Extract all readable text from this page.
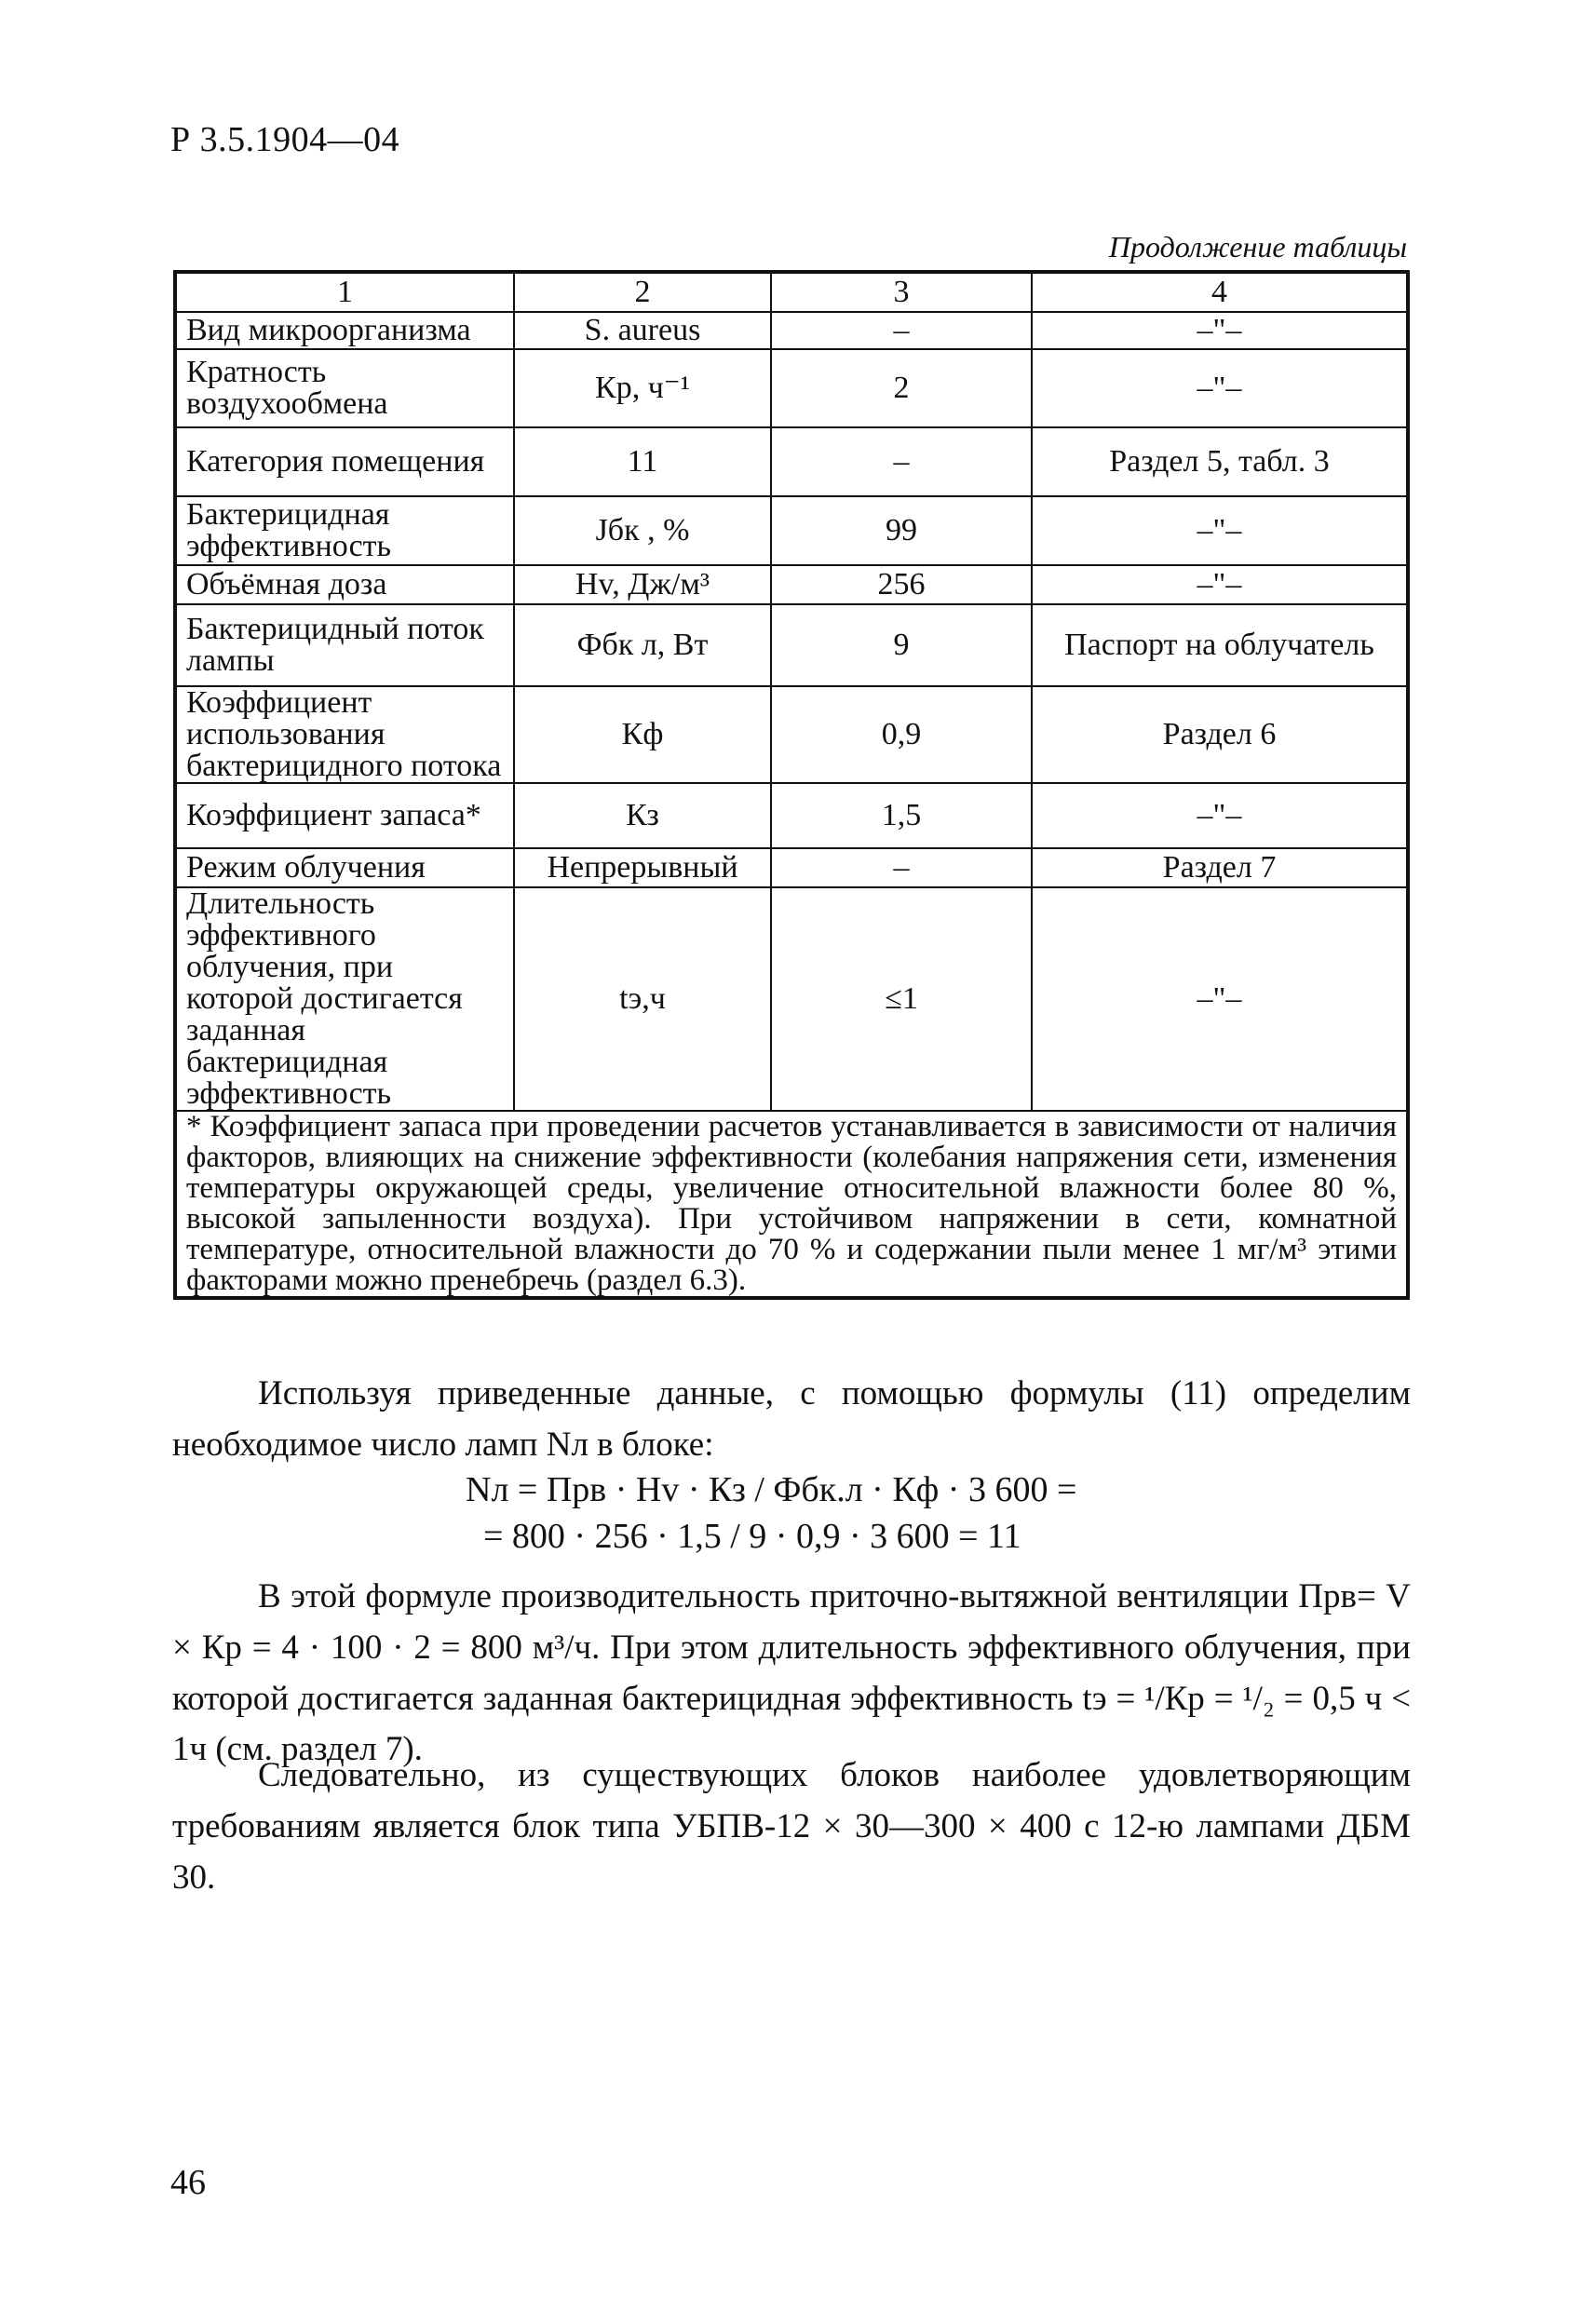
Р 3.5.1904—04
Продолжение таблицы
1	2	3	4
Вид микроорганизма	S. aureus	–	–"–
Кратность воздухообмена	Кр, ч⁻¹	2	–"–
Категория помещения	11	–	Раздел 5, табл. 3
Бактерицидная эффективность	Jбк , %	99	–"–
Объёмная доза	Hv, Дж/м³	256	–"–
Бактерицидный поток лампы	Фбк л, Вт	9	Паспорт на облучатель
Коэффициент использования бактерицидного потока	Кф	0,9	Раздел 6
Коэффициент запаса*	Кз	1,5	–"–
Режим облучения	Непрерывный	–	Раздел 7
Длительность эффективного облучения, при которой достигается заданная бактерицидная эффективность	tэ,ч	≤1	–"–
* Коэффициент запаса при проведении расчетов устанавливается в зависимости от наличия факторов, влияющих на снижение эффективности (колебания напряжения сети, изменения температуры окружающей среды, увеличение относительной влажности более 80 %, высокой запыленности воздуха). При устойчивом напряжении в сети, комнатной температуре, относительной влажности до 70 % и содержании пыли менее 1 мг/м³ этими факторами можно пренебречь (раздел 6.3).			
Используя приведенные данные, с помощью формулы (11) определим необходимое число ламп Nл в блоке:
Nл = Прв · Hv · Кз / Фбк.л · Кф · 3 600 =
= 800 · 256 · 1,5 / 9 · 0,9 · 3 600 = 11
В этой формуле производительность приточно-вытяжной вентиляции Прв= V × Кр = 4 · 100 · 2 = 800 м³/ч. При этом длительность эффективного облучения, при которой достигается заданная бактерицидная эффективность tэ = ¹/Кр = ¹/₂ = 0,5 ч < 1ч (см. раздел 7).
Следовательно, из существующих блоков наиболее удовлетворяющим требованиям является блок типа УБПВ-12 × 30—300 × 400 с 12-ю лампами ДБМ 30.
46
